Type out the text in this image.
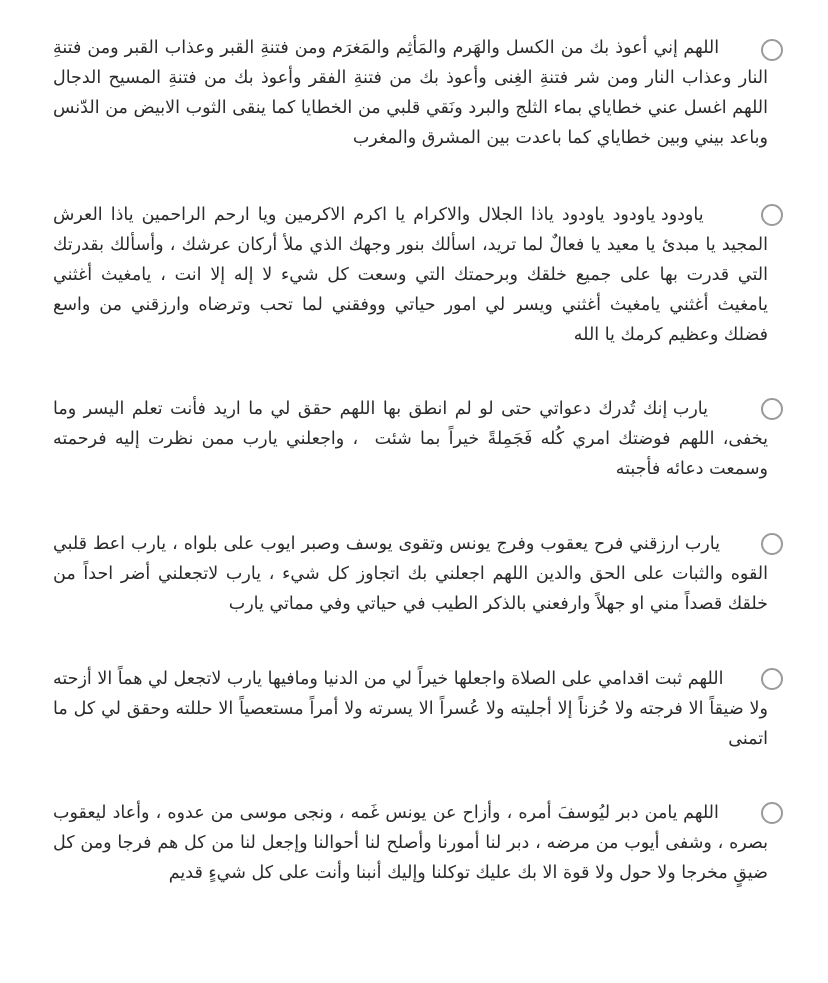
اللهم إني أعوذ بك من الكسل والهَرم والمَأثِم والمَغرَم ومن فتنةِ القبر وعذاب القبر ومن فتنةِ النار وعذاب النار ومن شر فتنةِ الغِنى وأعوذ بك من فتنةِ الفقر وأعوذ بك من فتنةِ المسيح الدجال اللهم اغسل عني خطاياي بماء الثلج والبرد ونَقي قلبي من الخطايا كما ينقى الثوب الابيض من الدّنس وباعد بيني وبين خطاياي كما باعدت بين المشرق والمغرب
ياودود ياودود ياودود ياذا الجلال والاكرام يا اكرم الاكرمين ويا ارحم الراحمين ياذا العرش المجيد يا مبدئ يا معيد يا فعالٌ لما تريد، اسألك بنور وجهك الذي ملأ أركان عرشك ، وأسألك بقدرتك التي قدرت بها على جميع خلقك وبرحمتك التي وسعت كل شيء لا إله إلا انت ، يامغيث أغثني يامغيث أغثني يامغيث أغثني ويسر لي امور حياتي ووفقني لما تحب وترضاه وارزقني من واسع فضلك وعظيم كرمك يا الله
يارب إنك تُدرك دعواتي حتى لو لم انطق بها اللهم حقق لي ما اريد فأنت تعلم اليسر وما يخفى، اللهم فوضتك امري كُله فَجَمِلةً خيراً بما شئت  ، واجعلني يارب ممن نظرت إليه فرحمته وسمعت دعائه فأجبته
يارب ارزقني فرح يعقوب وفرج يونس وتقوى يوسف وصبر ايوب على بلواه ، يارب اعط قلبي القوه والثبات على الحق والدين اللهم اجعلني بك اتجاوز كل شيء ، يارب لاتجعلني أضر احداً من خلقك قصداً مني او جهلاً وارفعني بالذكر الطيب في حياتي وفي مماتي يارب
اللهم ثبت اقدامي على الصلاة واجعلها خيراً لي من الدنيا ومافيها يارب لاتجعل لي هماً الا أزحته ولا ضيقاً الا فرجته ولا حُزناً إلا أجليته ولا عُسراً الا يسرته ولا أمراً مستعصياً الا حللته وحقق لي كل ما اتمنى
اللهم يامن دبر ليُوسفَ أمره ، وأزاح عن يونس غَمه ، ونجى موسى من عدوه ، وأعاد ليعقوب بصره ، وشفى أيوب من مرضه ، دبر لنا أمورنا وأصلح لنا أحوالنا وإجعل لنا من كل هم فرجا ومن كل ضيقٍ مخرجا ولا حول ولا قوة الا بك عليك توكلنا وإليك أنبنا وأنت على كل شيءٍ قديم
